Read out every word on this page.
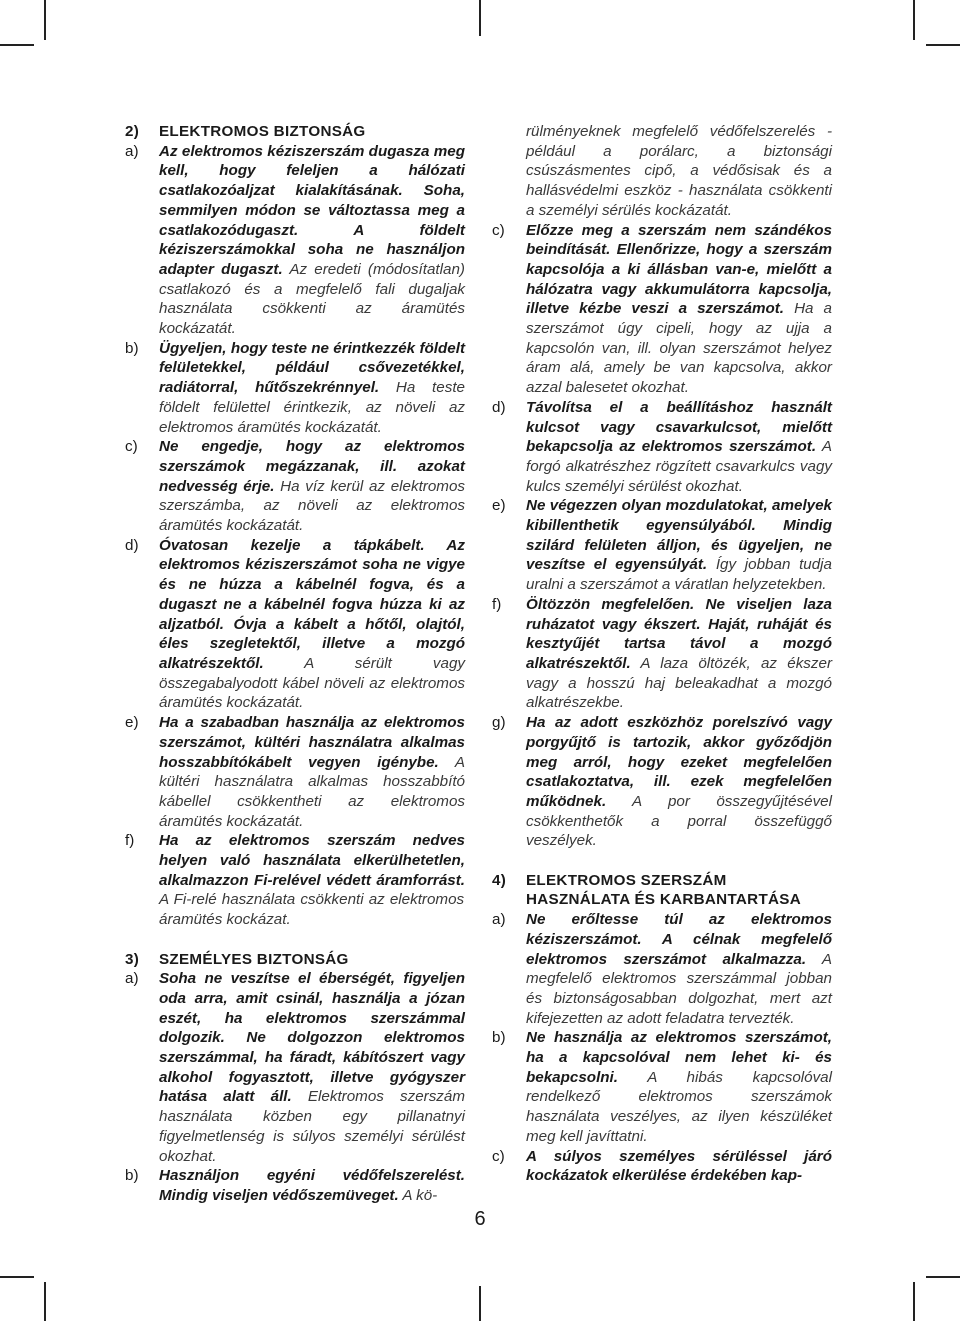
2) ELEKTROMOS BIZTONSÁG
a) Az elektromos kéziszerszám dugasza meg kell, hogy feleljen a hálózati csatlakozóaljzat kialakításának. Soha, semmilyen módon se változtassa meg a csatlakozódugaszt. A földelt kéziszerszámokkal soha ne használjon adapter dugaszt. Az eredeti (módosítatlan) csatlakozó és a megfelelő fali dugaljak használata csökkenti az áramütés kockázatát.
b) Ügyeljen, hogy teste ne érintkezzék földelt felületekkel, például csővezetékkel, radiátorral, hűtőszekrénnyel. Ha teste földelt felülettel érintkezik, az növeli az elektromos áramütés kockázatát.
c) Ne engedje, hogy az elektromos szerszámok megázzanak, ill. azokat nedvesség érje. Ha víz kerül az elektromos szerszámba, az növeli az elektromos áramütés kockázatát.
d) Óvatosan kezelje a tápkábelt. Az elektromos kéziszerszámot soha ne vigye és ne húzza a kábelnél fogva, és a dugaszt ne a kábelnél fogva húzza ki az aljzatból. Óvja a kábelt a hőtől, olajtól, éles szegletektől, illetve a mozgó alkatrészektől. A sérült vagy összegabalyodott kábel növeli az elektromos áramütés kockázatát.
e) Ha a szabadban használja az elektromos szerszámot, kültéri használatra alkalmas hosszabbítókábelt vegyen igénybe. A kültéri használatra alkalmas hosszabbító kábellel csökkentheti az elektromos áramütés kockázatát.
f) Ha az elektromos szerszám nedves helyen való használata elkerülhetetlen, alkalmazzon Fi-relével védett áramforrást. A Fi-relé használata csökkenti az elektromos áramütés kockázat.
3) SZEMÉLYES BIZTONSÁG
a) Soha ne veszítse el éberségét, figyeljen oda arra, amit csinál, használja a józan eszét, ha elektromos szerszámmal dolgozik. Ne dolgozzon elektromos szerszámmal, ha fáradt, kábítószert vagy alkohol fogyasztott, illetve gyógyszer hatása alatt áll. Elektromos szerszám használata közben egy pillanatnyi figyelmetlenség is súlyos személyi sérülést okozhat.
b) Használjon egyéni védőfelszerelést. Mindig viseljen védőszemüveget. A kö-
rülményeknek megfelelő védőfelszerelés - például a porálarc, a biztonsági csúszásmentes cipő, a védősisak és a hallásvédelmi eszköz - használata csökkenti a személyi sérülés kockázatát.
c) Előzze meg a szerszám nem szándékos beindítását. Ellenőrizze, hogy a szerszám kapcsolója a ki állásban van-e, mielőtt a hálózatra vagy akkumulátorra kapcsolja, illetve kézbe veszi a szerszámot. Ha a szerszámot úgy cipeli, hogy az ujja a kapcsolón van, ill. olyan szerszámot helyez áram alá, amely be van kapcsolva, akkor azzal balesetet okozhat.
d) Távolítsa el a beállításhoz használt kulcsot vagy csavarkulcsot, mielőtt bekapcsolja az elektromos szerszámot. A forgó alkatrészhez rögzített csavarkulcs vagy kulcs személyi sérülést okozhat.
e) Ne végezzen olyan mozdulatokat, amelyek kibillenthetik egyensúlyából. Mindig szilárd felületen álljon, és ügyeljen, ne veszítse el egyensúlyát. Így jobban tudja uralni a szerszámot a váratlan helyzetekben.
f) Öltözzön megfelelően. Ne viseljen laza ruházatot vagy ékszert. Haját, ruháját és kesztyűjét tartsa távol a mozgó alkatrészektől. A laza öltözék, az ékszer vagy a hosszú haj beleakadhat a mozgó alkatrészekbe.
g) Ha az adott eszközhöz porelszívó vagy porgyűjtő is tartozik, akkor győződjön meg arról, hogy ezeket megfelelően csatlakoztatva, ill. ezek megfelelően működnek. A por összegyűjtésével csökkenthetők a porral összefüggő veszélyek.
4) ELEKTROMOS SZERSZÁM HASZNÁLATA ÉS KARBANTARTÁSA
a) Ne erőltesse túl az elektromos kéziszerszámot. A célnak megfelelő elektromos szerszámot alkalmazza. A megfelelő elektromos szerszámmal jobban és biztonságosabban dolgozhat, mert azt kifejezetten az adott feladatra tervezték.
b) Ne használja az elektromos szerszámot, ha a kapcsolóval nem lehet ki- és bekapcsolni. A hibás kapcsolóval rendelkező elektromos szerszámok használata veszélyes, az ilyen készüléket meg kell javíttatni.
c) A súlyos személyes sérüléssel járó kockázatok elkerülése érdekében kap-
6
